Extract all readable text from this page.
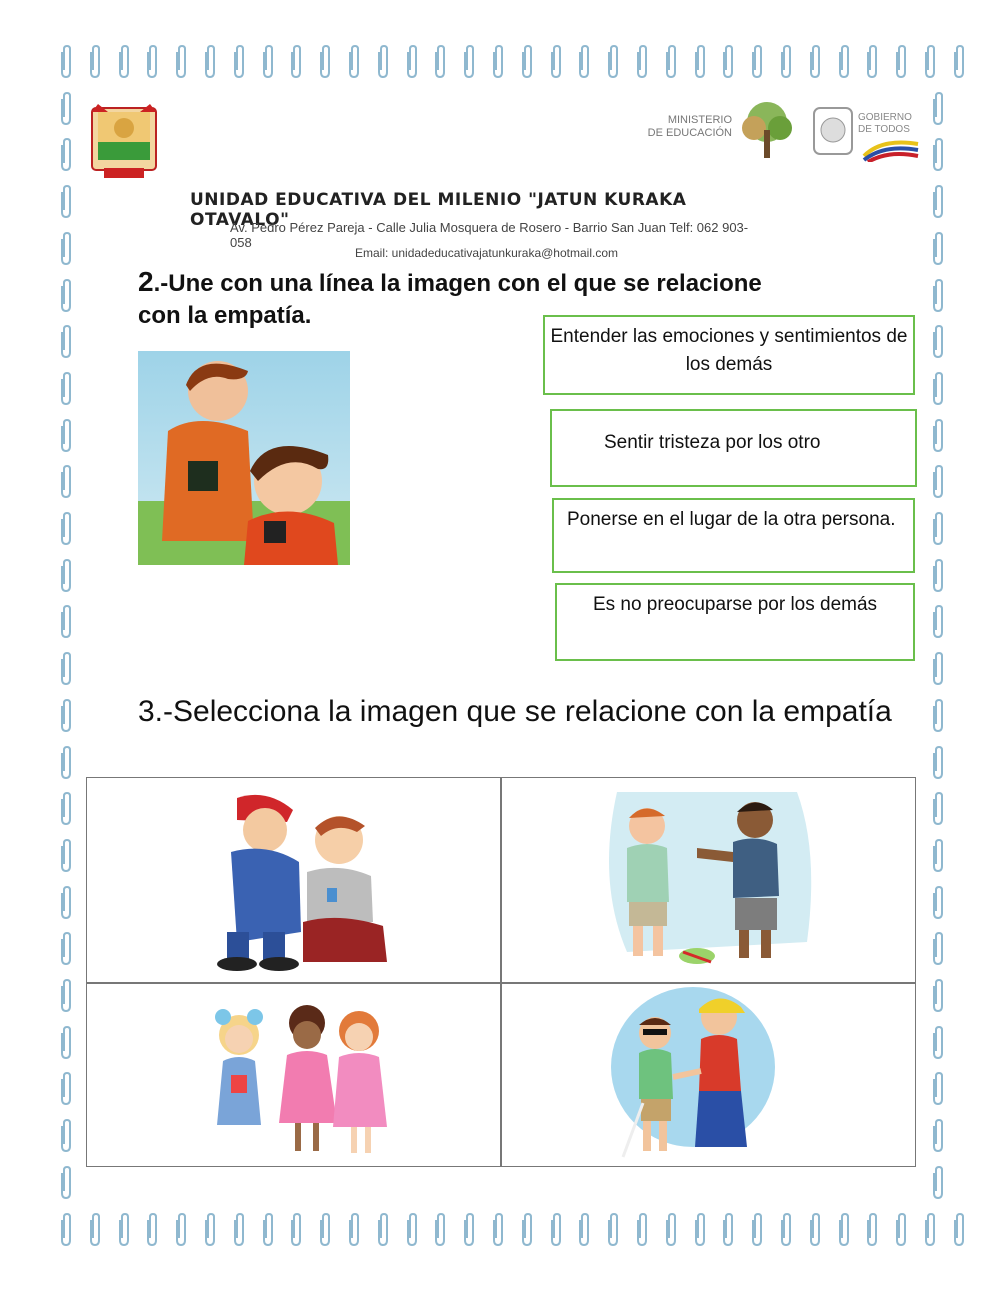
MINISTERIO
DE EDUCACIÓN
GOBIERNO
DE TODOS
UNIDAD EDUCATIVA DEL MILENIO "JATUN KURAKA OTAVALO"
Av. Pedro Pérez Pareja - Calle Julia Mosquera de Rosero - Barrio San Juan Telf: 062 903-058
Email: unidadeducativajatunkuraka@hotmail.com
2.-Une con una línea la imagen con el que se relacione con la empatía.
Entender las emociones y sentimientos de los demás
Sentir tristeza por los otro
Ponerse en el lugar de la otra persona.
Es no preocuparse por los demás
3.-Selecciona la imagen que se relacione con la empatía
